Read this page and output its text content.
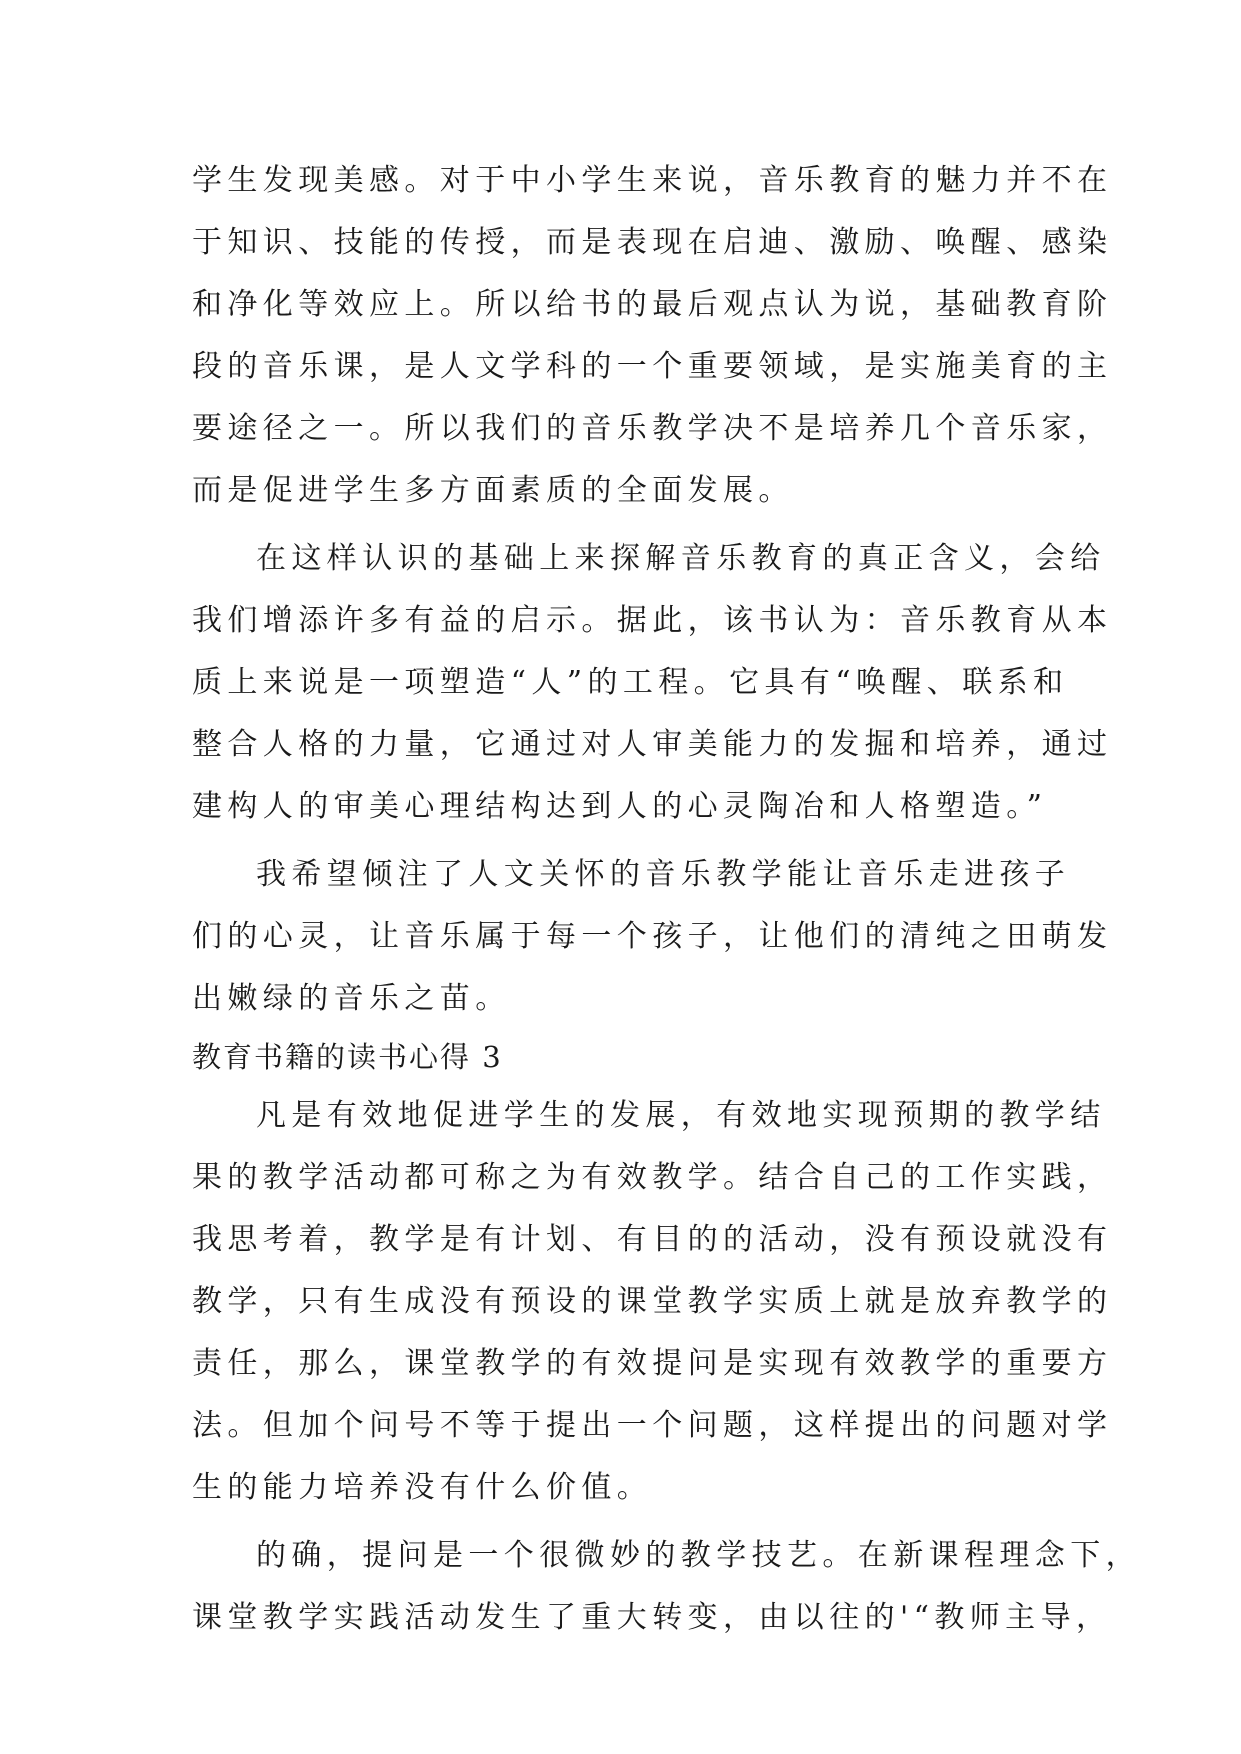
学生发现美感。对于中小学生来说，音乐教育的魅力并不在
于知识、技能的传授，而是表现在启迪、激励、唤醒、感染
和净化等效应上。所以给书的最后观点认为说，基础教育阶
段的音乐课，是人文学科的一个重要领域，是实施美育的主
要途径之一。所以我们的音乐教学决不是培养几个音乐家，
而是促进学生多方面素质的全面发展。
在这样认识的基础上来探解音乐教育的真正含义，会给
我们增添许多有益的启示。据此，该书认为：音乐教育从本
质上来说是一项塑造“人”的工程。它具有“唤醒、联系和
整合人格的力量，它通过对人审美能力的发掘和培养，通过
建构人的审美心理结构达到人的心灵陶冶和人格塑造。”
我希望倾注了人文关怀的音乐教学能让音乐走进孩子
们的心灵，让音乐属于每一个孩子，让他们的清纯之田萌发
出嫩绿的音乐之苗。
教育书籍的读书心得 3
凡是有效地促进学生的发展，有效地实现预期的教学结
果的教学活动都可称之为有效教学。结合自己的工作实践，
我思考着，教学是有计划、有目的的活动，没有预设就没有
教学，只有生成没有预设的课堂教学实质上就是放弃教学的
责任，那么，课堂教学的有效提问是实现有效教学的重要方
法。但加个问号不等于提出一个问题，这样提出的问题对学
生的能力培养没有什么价值。
的确，提问是一个很微妙的教学技艺。在新课程理念下，
课堂教学实践活动发生了重大转变，由以往的'“教师主导，
